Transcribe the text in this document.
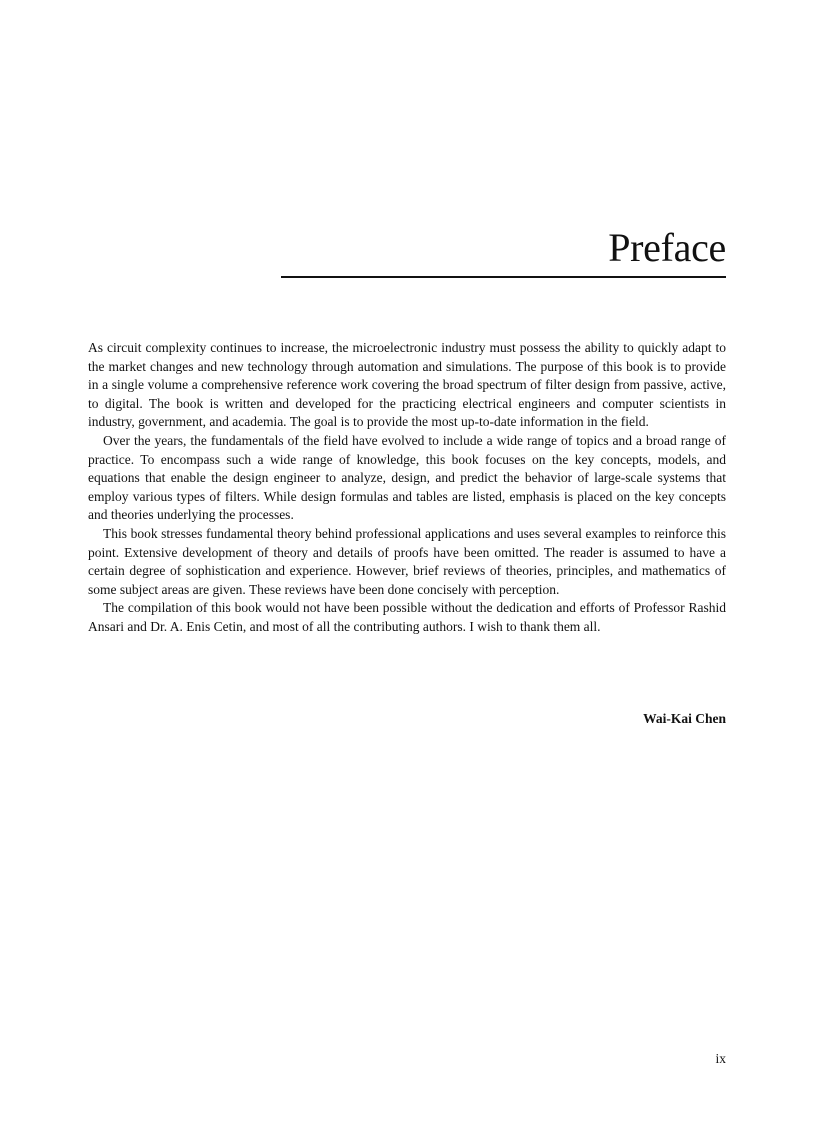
Preface

As circuit complexity continues to increase, the microelectronic industry must possess the ability to quickly adapt to the market changes and new technology through automation and simulations. The purpose of this book is to provide in a single volume a comprehensive reference work covering the broad spectrum of filter design from passive, active, to digital. The book is written and developed for the practicing electrical engineers and computer scientists in industry, government, and academia. The goal is to provide the most up-to-date information in the field.

Over the years, the fundamentals of the field have evolved to include a wide range of topics and a broad range of practice. To encompass such a wide range of knowledge, this book focuses on the key concepts, models, and equations that enable the design engineer to analyze, design, and predict the behavior of large-scale systems that employ various types of filters. While design formulas and tables are listed, emphasis is placed on the key concepts and theories underlying the processes.

This book stresses fundamental theory behind professional applications and uses several examples to reinforce this point. Extensive development of theory and details of proofs have been omitted. The reader is assumed to have a certain degree of sophistication and experience. However, brief reviews of theories, principles, and mathematics of some subject areas are given. These reviews have been done concisely with perception.

The compilation of this book would not have been possible without the dedication and efforts of Professor Rashid Ansari and Dr. A. Enis Cetin, and most of all the contributing authors. I wish to thank them all.

Wai-Kai Chen

ix
